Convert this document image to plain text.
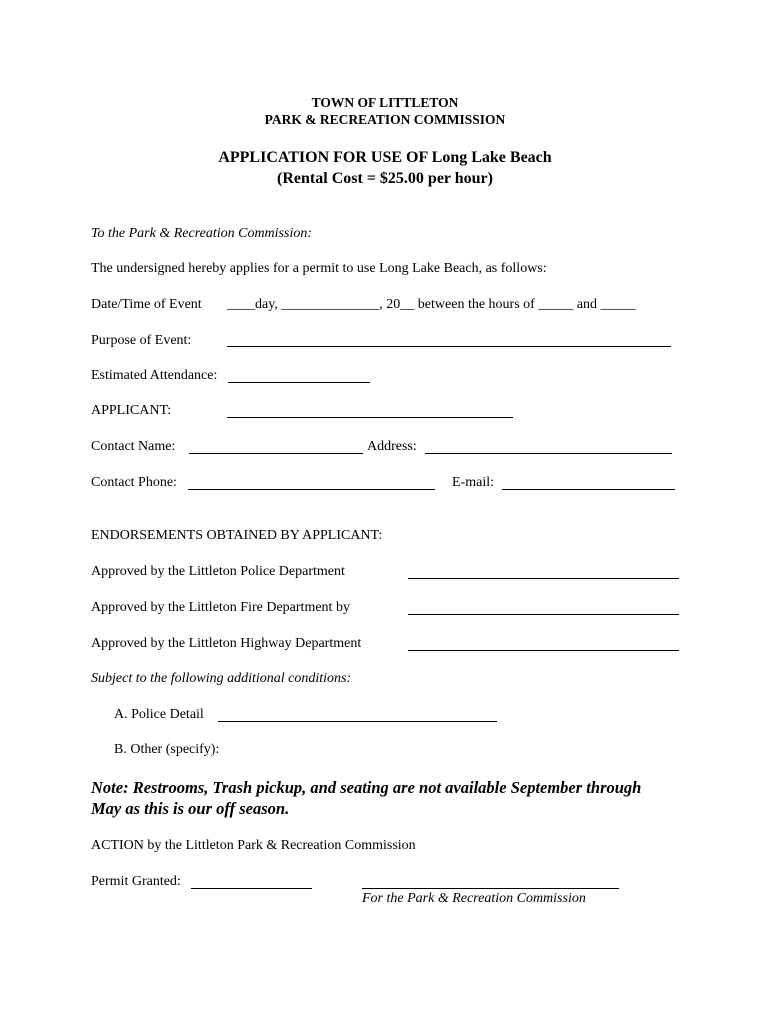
TOWN OF LITTLETON
PARK & RECREATION COMMISSION
APPLICATION FOR USE OF Long Lake Beach
(Rental Cost = $25.00 per hour)
To the Park & Recreation Commission:
The undersigned hereby applies for a permit to use Long Lake Beach, as follows:
Date/Time of Event ____day, ______________, 20__ between the hours of _____ and _____
Purpose of Event:
Estimated Attendance:
APPLICANT:
Contact Name:	Address:
Contact Phone:	E-mail:
ENDORSEMENTS OBTAINED BY APPLICANT:
Approved by the Littleton Police Department
Approved by the Littleton Fire Department by
Approved by the Littleton Highway Department
Subject to the following additional conditions:
A. Police Detail
B. Other (specify):
Note: Restrooms, Trash pickup, and seating are not available September through
May as this is our off season.
ACTION by the Littleton Park & Recreation Commission
Permit Granted:
For the Park & Recreation Commission
